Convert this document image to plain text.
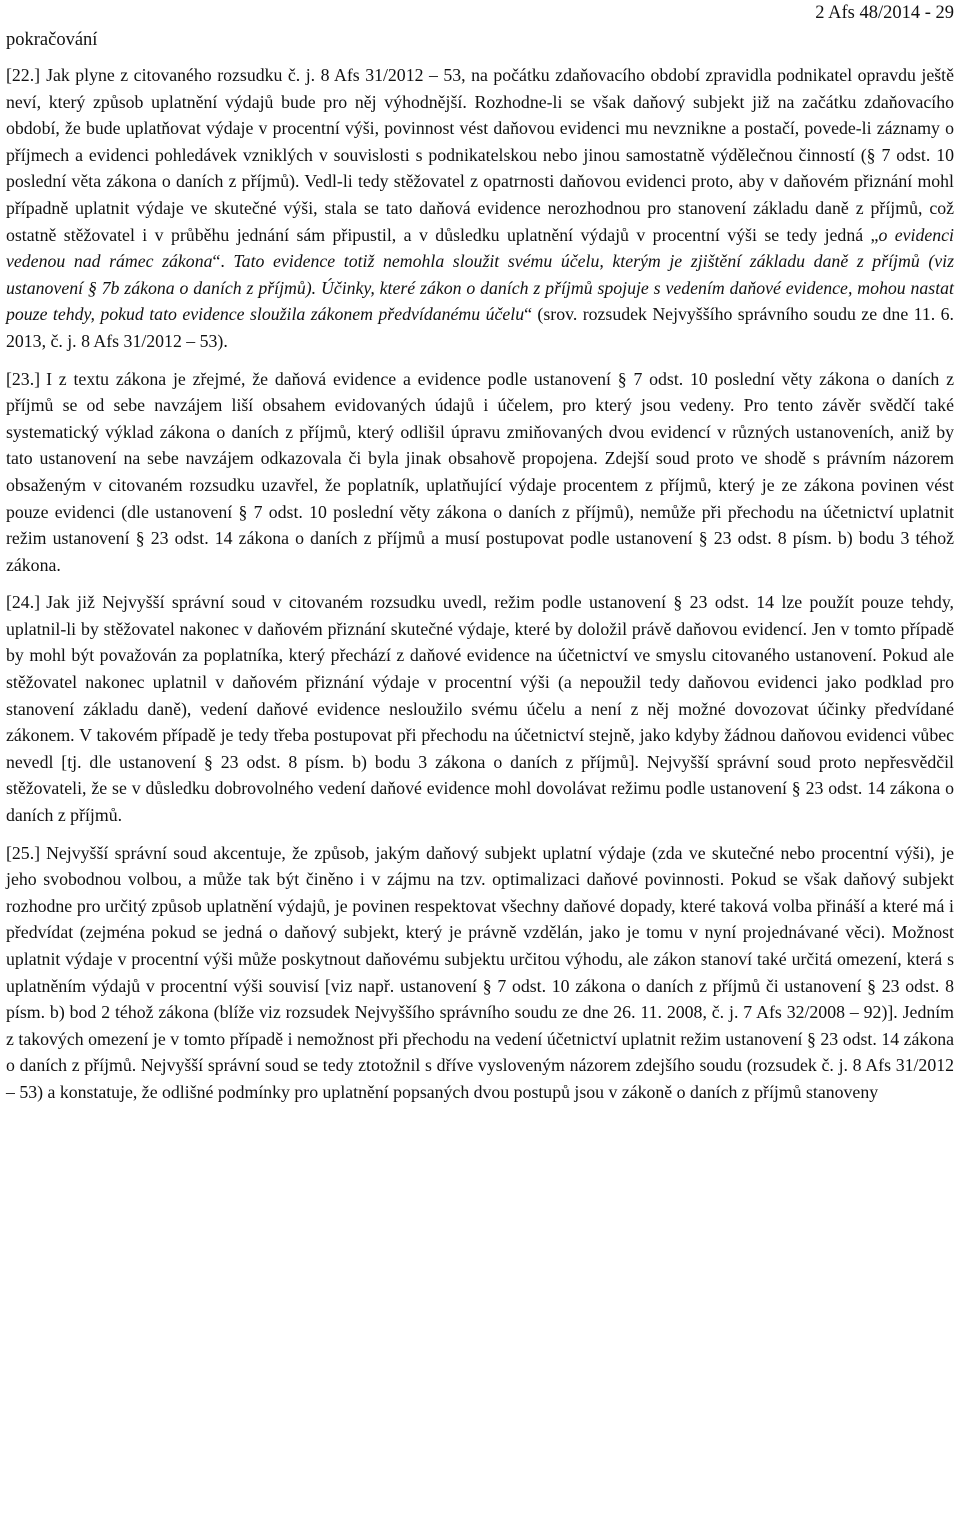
pokračování
2 Afs 48/2014 - 29

[22.] Jak plyne z citovaného rozsudku č. j. 8 Afs 31/2012 – 53, na počátku zdaňovacího období zpravidla podnikatel opravdu ještě neví, který způsob uplatnění výdajů bude pro něj výhodnější. Rozhodne-li se však daňový subjekt již na začátku zdaňovacího období, že bude uplatňovat výdaje v procentní výši, povinnost vést daňovou evidenci mu nevznikne a postačí, povede-li záznamy o příjmech a evidenci pohledávek vzniklých v souvislosti s podnikatelskou nebo jinou samostatně výdělečnou činností (§ 7 odst. 10 poslední věta zákona o daních z příjmů). Vedl-li tedy stěžovatel z opatrnosti daňovou evidenci proto, aby v daňovém přiznání mohl případně uplatnit výdaje ve skutečné výši, stala se tato daňová evidence nerozhodnou pro stanovení základu daně z příjmů, což ostatně stěžovatel i v průběhu jednání sám připustil, a v důsledku uplatnění výdajů v procentní výši se tedy jedná „o evidenci vedenou nad rámec zákona“. Tato evidence totiž nemohla sloužit svému účelu, kterým je zjištění základu daně z příjmů (viz ustanovení § 7b zákona o daních z příjmů). Účinky, které zákon o daních z příjmů spojuje s vedením daňové evidence, mohou nastat pouze tehdy, pokud tato evidence sloužila zákonem předvídanému účelu“ (srov. rozsudek Nejvyššího správního soudu ze dne 11. 6. 2013, č. j. 8 Afs 31/2012 – 53).

[23.] I z textu zákona je zřejmé, že daňová evidence a evidence podle ustanovení § 7 odst. 10 poslední věty zákona o daních z příjmů se od sebe navzájem liší obsahem evidovaných údajů i účelem, pro který jsou vedeny. Pro tento závěr svědčí také systematický výklad zákona o daních z příjmů, který odlišil úpravu zmiňovaných dvou evidencí v různých ustanoveních, aniž by tato ustanovení na sebe navzájem odkazovala či byla jinak obsahově propojena. Zdejší soud proto ve shodě s právním názorem obsaženým v citovaném rozsudku uzavřel, že poplatník, uplatňující výdaje procentem z příjmů, který je ze zákona povinen vést pouze evidenci (dle ustanovení § 7 odst. 10 poslední věty zákona o daních z příjmů), nemůže při přechodu na účetnictví uplatnit režim ustanovení § 23 odst. 14 zákona o daních z příjmů a musí postupovat podle ustanovení § 23 odst. 8 písm. b) bodu 3 téhož zákona.

[24.] Jak již Nejvyšší správní soud v citovaném rozsudku uvedl, režim podle ustanovení § 23 odst. 14 lze použít pouze tehdy, uplatnil-li by stěžovatel nakonec v daňovém přiznání skutečné výdaje, které by doložil právě daňovou evidencí. Jen v tomto případě by mohl být považován za poplatníka, který přechází z daňové evidence na účetnictví ve smyslu citovaného ustanovení. Pokud ale stěžovatel nakonec uplatnil v daňovém přiznání výdaje v procentní výši (a nepoužil tedy daňovou evidenci jako podklad pro stanovení základu daně), vedení daňové evidence nesloužilo svému účelu a není z něj možné dovozovat účinky předvídané zákonem. V takovém případě je tedy třeba postupovat při přechodu na účetnictví stejně, jako kdyby žádnou daňovou evidenci vůbec nevedl [tj. dle ustanovení § 23 odst. 8 písm. b) bodu 3 zákona o daních z příjmů]. Nejvyšší správní soud proto nepřesvědčil stěžovateli, že se v důsledku dobrovolného vedení daňové evidence mohl dovolávat režimu podle ustanovení § 23 odst. 14 zákona o daních z příjmů.

[25.] Nejvyšší správní soud akcentuje, že způsob, jakým daňový subjekt uplatní výdaje (zda ve skutečné nebo procentní výši), je jeho svobodnou volbou, a může tak být činěno i v zájmu na tzv. optimalizaci daňové povinnosti. Pokud se však daňový subjekt rozhodne pro určitý způsob uplatnění výdajů, je povinen respektovat všechny daňové dopady, které taková volba přináší a které má i předvídat (zejména pokud se jedná o daňový subjekt, který je právně vzdělán, jako je tomu v nyní projednávané věci). Možnost uplatnit výdaje v procentní výši může poskytnout daňovému subjektu určitou výhodu, ale zákon stanoví také určitá omezení, která s uplatněním výdajů v procentní výši souvisí [viz např. ustanovení § 7 odst. 10 zákona o daních z příjmů či ustanovení § 23 odst. 8 písm. b) bod 2 téhož zákona (blíže viz rozsudek Nejvyššího správního soudu ze dne 26. 11. 2008, č. j. 7 Afs 32/2008 – 92)]. Jedním z takových omezení je v tomto případě i nemožnost při přechodu na vedení účetnictví uplatnit režim ustanovení § 23 odst. 14 zákona o daních z příjmů. Nejvyšší správní soud se tedy ztotožnil s dříve vysloveným názorem zdejšího soudu (rozsudek č. j. 8 Afs 31/2012 – 53) a konstatuje, že odlišné podmínky pro uplatnění popsaných dvou postupů jsou v zákoně o daních z příjmů stanoveny
